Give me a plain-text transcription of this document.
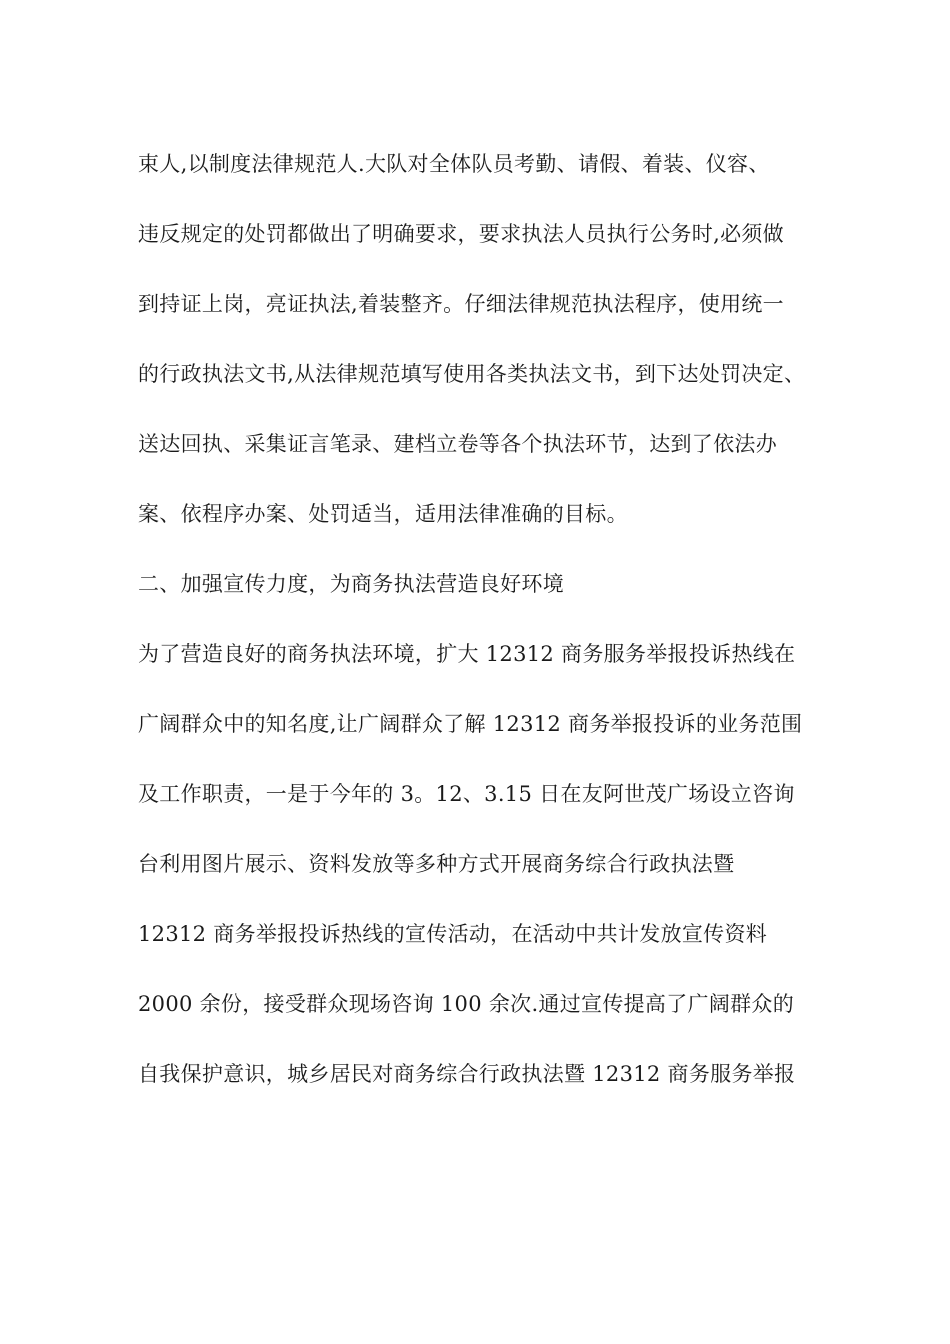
束人,以制度法律规范人.大队对全体队员考勤、请假、着装、仪容、

违反规定的处罚都做出了明确要求，要求执法人员执行公务时,必须做

到持证上岗，亮证执法,着装整齐。仔细法律规范执法程序，使用统一

的行政执法文书,从法律规范填写使用各类执法文书，到下达处罚决定、

送达回执、采集证言笔录、建档立卷等各个执法环节，达到了依法办

案、依程序办案、处罚适当，适用法律准确的目标。

二、加强宣传力度，为商务执法营造良好环境

为了营造良好的商务执法环境，扩大 12312 商务服务举报投诉热线在

广阔群众中的知名度,让广阔群众了解 12312 商务举报投诉的业务范围

及工作职责，一是于今年的 3。12、3.15 日在友阿世茂广场设立咨询

台利用图片展示、资料发放等多种方式开展商务综合行政执法暨

12312 商务举报投诉热线的宣传活动，在活动中共计发放宣传资料

2000 余份，接受群众现场咨询 100 余次.通过宣传提高了广阔群众的

自我保护意识，城乡居民对商务综合行政执法暨 12312 商务服务举报
